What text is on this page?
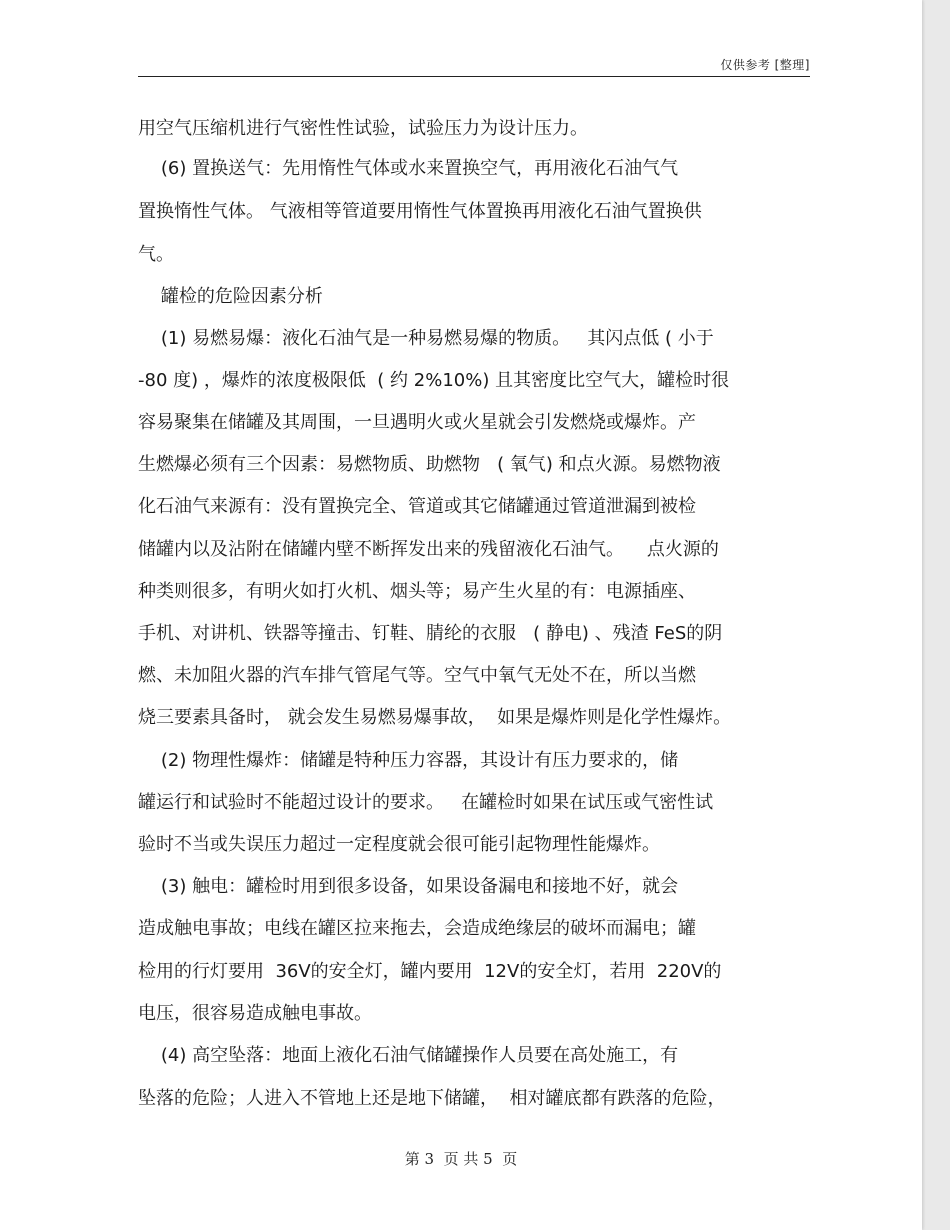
仅供参考 [整理]
用空气压缩机进行气密性性试验，试验压力为设计压力。
(6) 置换送气：先用惰性气体或水来置换空气，再用液化石油气气
置换惰性气体。 气液相等管道要用惰性气体置换再用液化石油气置换供
气。
罐检的危险因素分析
(1) 易燃易爆：液化石油气是一种易燃易爆的物质。   其闪点低 ( 小于
-80 度) ，爆炸的浓度极限低  ( 约 2%10%) 且其密度比空气大，罐检时很
容易聚集在储罐及其周围，一旦遇明火或火星就会引发燃烧或爆炸。产
生燃爆必须有三个因素：易燃物质、助燃物   ( 氧气) 和点火源。易燃物液
化石油气来源有：没有置换完全、管道或其它储罐通过管道泄漏到被检
储罐内以及沾附在储罐内壁不断挥发出来的残留液化石油气。    点火源的
种类则很多，有明火如打火机、烟头等；易产生火星的有：电源插座、
手机、对讲机、铁器等撞击、钉鞋、腈纶的衣服   ( 静电) 、残渣 FeS的阴
燃、未加阻火器的汽车排气管尾气等。空气中氧气无处不在，所以当燃
烧三要素具备时， 就会发生易燃易爆事故，  如果是爆炸则是化学性爆炸。
(2) 物理性爆炸：储罐是特种压力容器，其设计有压力要求的，储
罐运行和试验时不能超过设计的要求。   在罐检时如果在试压或气密性试
验时不当或失误压力超过一定程度就会很可能引起物理性能爆炸。
(3) 触电：罐检时用到很多设备，如果设备漏电和接地不好，就会
造成触电事故；电线在罐区拉来拖去，会造成绝缘层的破坏而漏电；罐
检用的行灯要用  36V的安全灯，罐内要用  12V的安全灯，若用  220V的
电压，很容易造成触电事故。
(4) 高空坠落：地面上液化石油气储罐操作人员要在高处施工，有
坠落的危险；人进入不管地上还是地下储罐，  相对罐底都有跌落的危险，
第 3  页 共 5  页
